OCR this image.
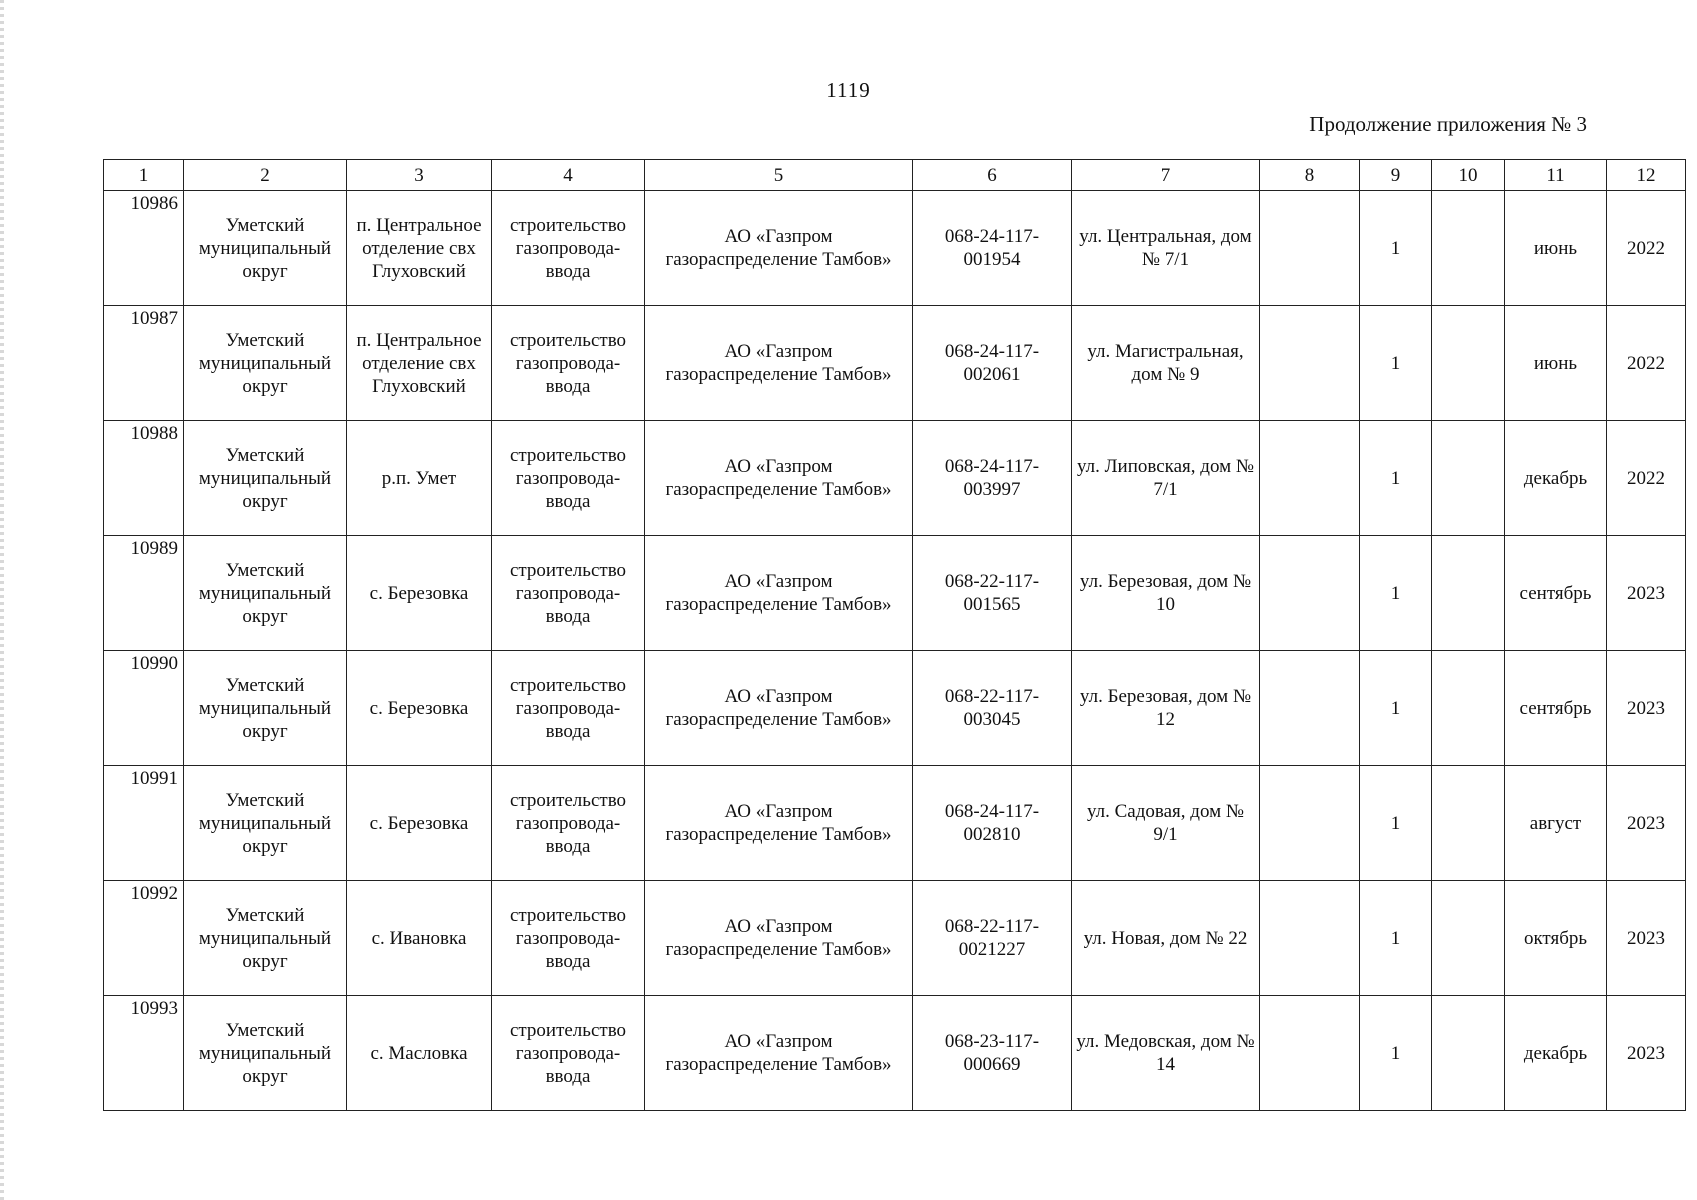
1119
Продолжение приложения № 3
1	2	3	4	5	6	7	8	9	10	11	12
10986	Уметский муниципальный округ	п. Центральное отделение свх Глуховский	строительство газопровода-ввода	АО «Газпром газораспределение Тамбов»	068-24-117-001954	ул. Центральная, дом № 7/1		1		июнь	2022
10987	Уметский муниципальный округ	п. Центральное отделение свх Глуховский	строительство газопровода-ввода	АО «Газпром газораспределение Тамбов»	068-24-117-002061	ул. Магистральная, дом № 9		1		июнь	2022
10988	Уметский муниципальный округ	р.п. Умет	строительство газопровода-ввода	АО «Газпром газораспределение Тамбов»	068-24-117-003997	ул. Липовская, дом № 7/1		1		декабрь	2022
10989	Уметский муниципальный округ	с. Березовка	строительство газопровода-ввода	АО «Газпром газораспределение Тамбов»	068-22-117-001565	ул. Березовая, дом № 10		1		сентябрь	2023
10990	Уметский муниципальный округ	с. Березовка	строительство газопровода-ввода	АО «Газпром газораспределение Тамбов»	068-22-117-003045	ул. Березовая, дом № 12		1		сентябрь	2023
10991	Уметский муниципальный округ	с. Березовка	строительство газопровода-ввода	АО «Газпром газораспределение Тамбов»	068-24-117-002810	ул. Садовая, дом № 9/1		1		август	2023
10992	Уметский муниципальный округ	с. Ивановка	строительство газопровода-ввода	АО «Газпром газораспределение Тамбов»	068-22-117-0021227	ул. Новая, дом № 22		1		октябрь	2023
10993	Уметский муниципальный округ	с. Масловка	строительство газопровода-ввода	АО «Газпром газораспределение Тамбов»	068-23-117-000669	ул. Медовская, дом № 14		1		декабрь	2023
